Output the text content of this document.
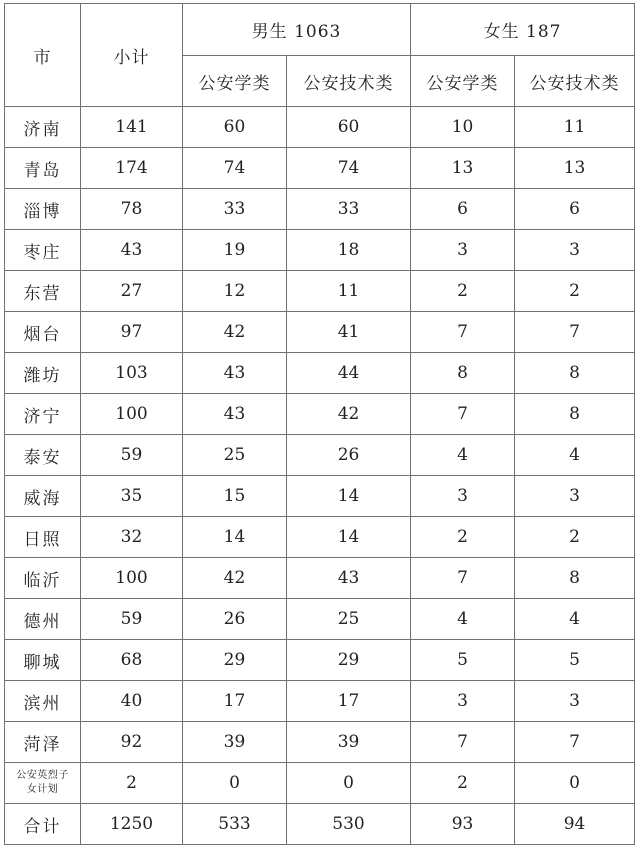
市	小计	男生 1063		女生 187	
		公安学类	公安技术类	公安学类	公安技术类
济南	141	60	60	10	11
青岛	174	74	74	13	13
淄博	78	33	33	6	6
枣庄	43	19	18	3	3
东营	27	12	11	2	2
烟台	97	42	41	7	7
潍坊	103	43	44	8	8
济宁	100	43	42	7	8
泰安	59	25	26	4	4
威海	35	15	14	3	3
日照	32	14	14	2	2
临沂	100	42	43	7	8
德州	59	26	25	4	4
聊城	68	29	29	5	5
滨州	40	17	17	3	3
菏泽	92	39	39	7	7
公安英烈子女计划	2	0	0	2	0
合计	1250	533	530	93	94
